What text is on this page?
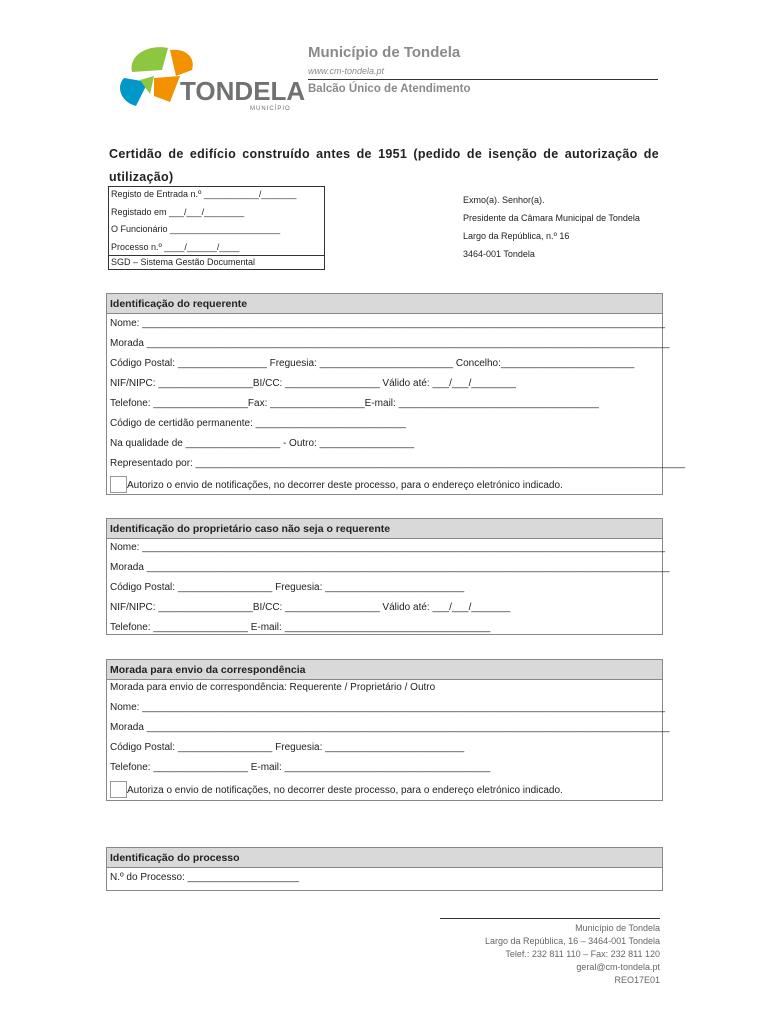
TONDELA
MUNICÍPIO
Município de Tondela
www.cm-tondela.pt
Balcão Único de Atendimento
Certidão de edifício construído antes de 1951 (pedido de isenção de autorização de utilização)
Registo de Entrada n.º ___________/_______
Registado em ___/___/________
O Funcionário ______________________
Processo n.º ____/______/____
SGD – Sistema Gestão Documental
Exmo(a). Senhor(a).
Presidente da Câmara Municipal de Tondela
Largo da República, n.º 16
3464-001 Tondela
Identificação do requerente
Nome: ______________________________________________________________________________________________
Morada ______________________________________________________________________________________________
Código Postal: ________________ Freguesia: ________________________ Concelho:________________________
NIF/NIPC: _________________BI/CC: _________________ Válido até: ___/___/________
Telefone: _________________Fax: _________________E-mail: ____________________________________
Código de certidão permanente: ___________________________
Na qualidade de _________________ - Outro: _________________
Representado por: ________________________________________________________________________________________
Autorizo o envio de notificações, no decorrer deste processo, para o endereço eletrónico indicado.
Identificação do proprietário caso não seja o requerente
Nome: ______________________________________________________________________________________________
Morada ______________________________________________________________________________________________
Código Postal: _________________ Freguesia: _________________________
NIF/NIPC: _________________BI/CC: _________________ Válido até: ___/___/_______
Telefone: _________________ E-mail: _____________________________________
Morada para envio da correspondência
Morada para envio de correspondência: Requerente / Proprietário / Outro
Nome: ______________________________________________________________________________________________
Morada ______________________________________________________________________________________________
Código Postal: _________________ Freguesia: _________________________
Telefone: _________________ E-mail: _____________________________________
Autoriza o envio de notificações, no decorrer deste processo, para o endereço eletrónico indicado.
Identificação do processo
N.º do Processo: ____________________
Município de Tondela
Largo da República, 16 – 3464-001 Tondela
Telef.: 232 811 110 – Fax: 232 811 120
geral@cm-tondela.pt
REO17E01
